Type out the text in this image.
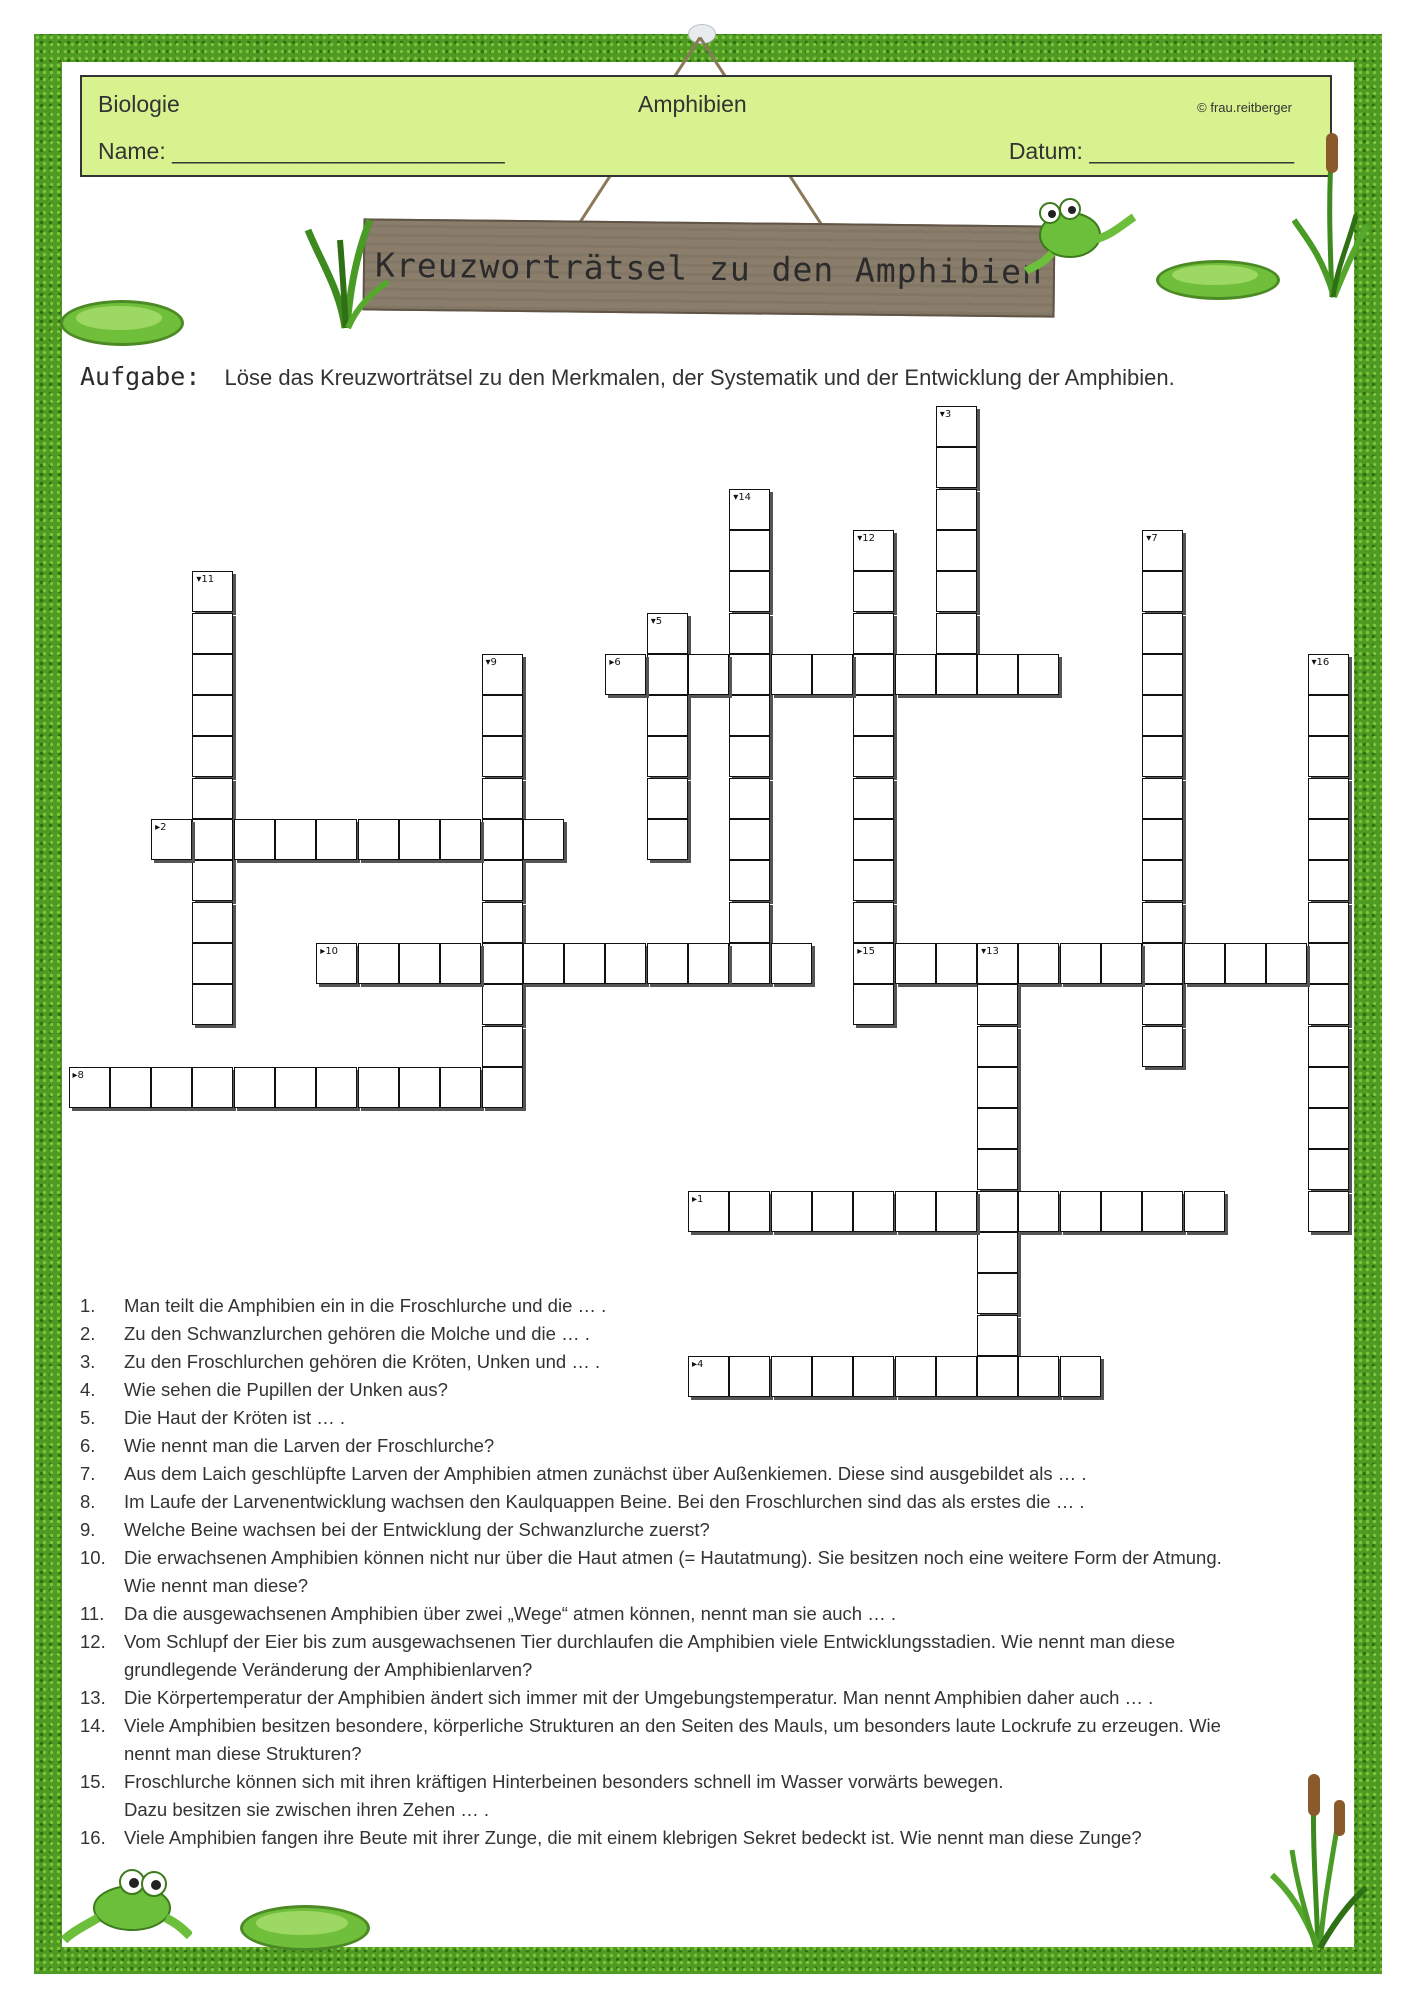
Biologie	Amphibien	© frau.reitberger
Name: __________________________	Datum: ________________
Kreuzworträtsel zu den Amphibien
Aufgabe: Löse das Kreuzworträtsel zu den Merkmalen, der Systematik und der Entwicklung der Amphibien.
▾3
▾14
▾12	▾7
▾11
▾5
▸6
▾9	▾16
▸2
▸10	▸15	▾13
▸8
▸1
▸4
1. Man teilt die Amphibien ein in die Froschlurche und die … .
2. Zu den Schwanzlurchen gehören die Molche und die … .
3. Zu den Froschlurchen gehören die Kröten, Unken und … .
4. Wie sehen die Pupillen der Unken aus?
5. Die Haut der Kröten ist … .
6. Wie nennt man die Larven der Froschlurche?
7. Aus dem Laich geschlüpfte Larven der Amphibien atmen zunächst über Außenkiemen. Diese sind ausgebildet als … .
8. Im Laufe der Larvenentwicklung wachsen den Kaulquappen Beine. Bei den Froschlurchen sind das als erstes die … .
9. Welche Beine wachsen bei der Entwicklung der Schwanzlurche zuerst?
10. Die erwachsenen Amphibien können nicht nur über die Haut atmen (= Hautatmung). Sie besitzen noch eine weitere Form der Atmung.
Wie nennt man diese?
11. Da die ausgewachsenen Amphibien über zwei „Wege“ atmen können, nennt man sie auch … .
12. Vom Schlupf der Eier bis zum ausgewachsenen Tier durchlaufen die Amphibien viele Entwicklungsstadien. Wie nennt man diese
grundlegende Veränderung der Amphibienlarven?
13. Die Körpertemperatur der Amphibien ändert sich immer mit der Umgebungstemperatur. Man nennt Amphibien daher auch … .
14. Viele Amphibien besitzen besondere, körperliche Strukturen an den Seiten des Mauls, um besonders laute Lockrufe zu erzeugen. Wie
nennt man diese Strukturen?
15. Froschlurche können sich mit ihren kräftigen Hinterbeinen besonders schnell im Wasser vorwärts bewegen.
Dazu besitzen sie zwischen ihren Zehen … .
16. Viele Amphibien fangen ihre Beute mit ihrer Zunge, die mit einem klebrigen Sekret bedeckt ist. Wie nennt man diese Zunge?
